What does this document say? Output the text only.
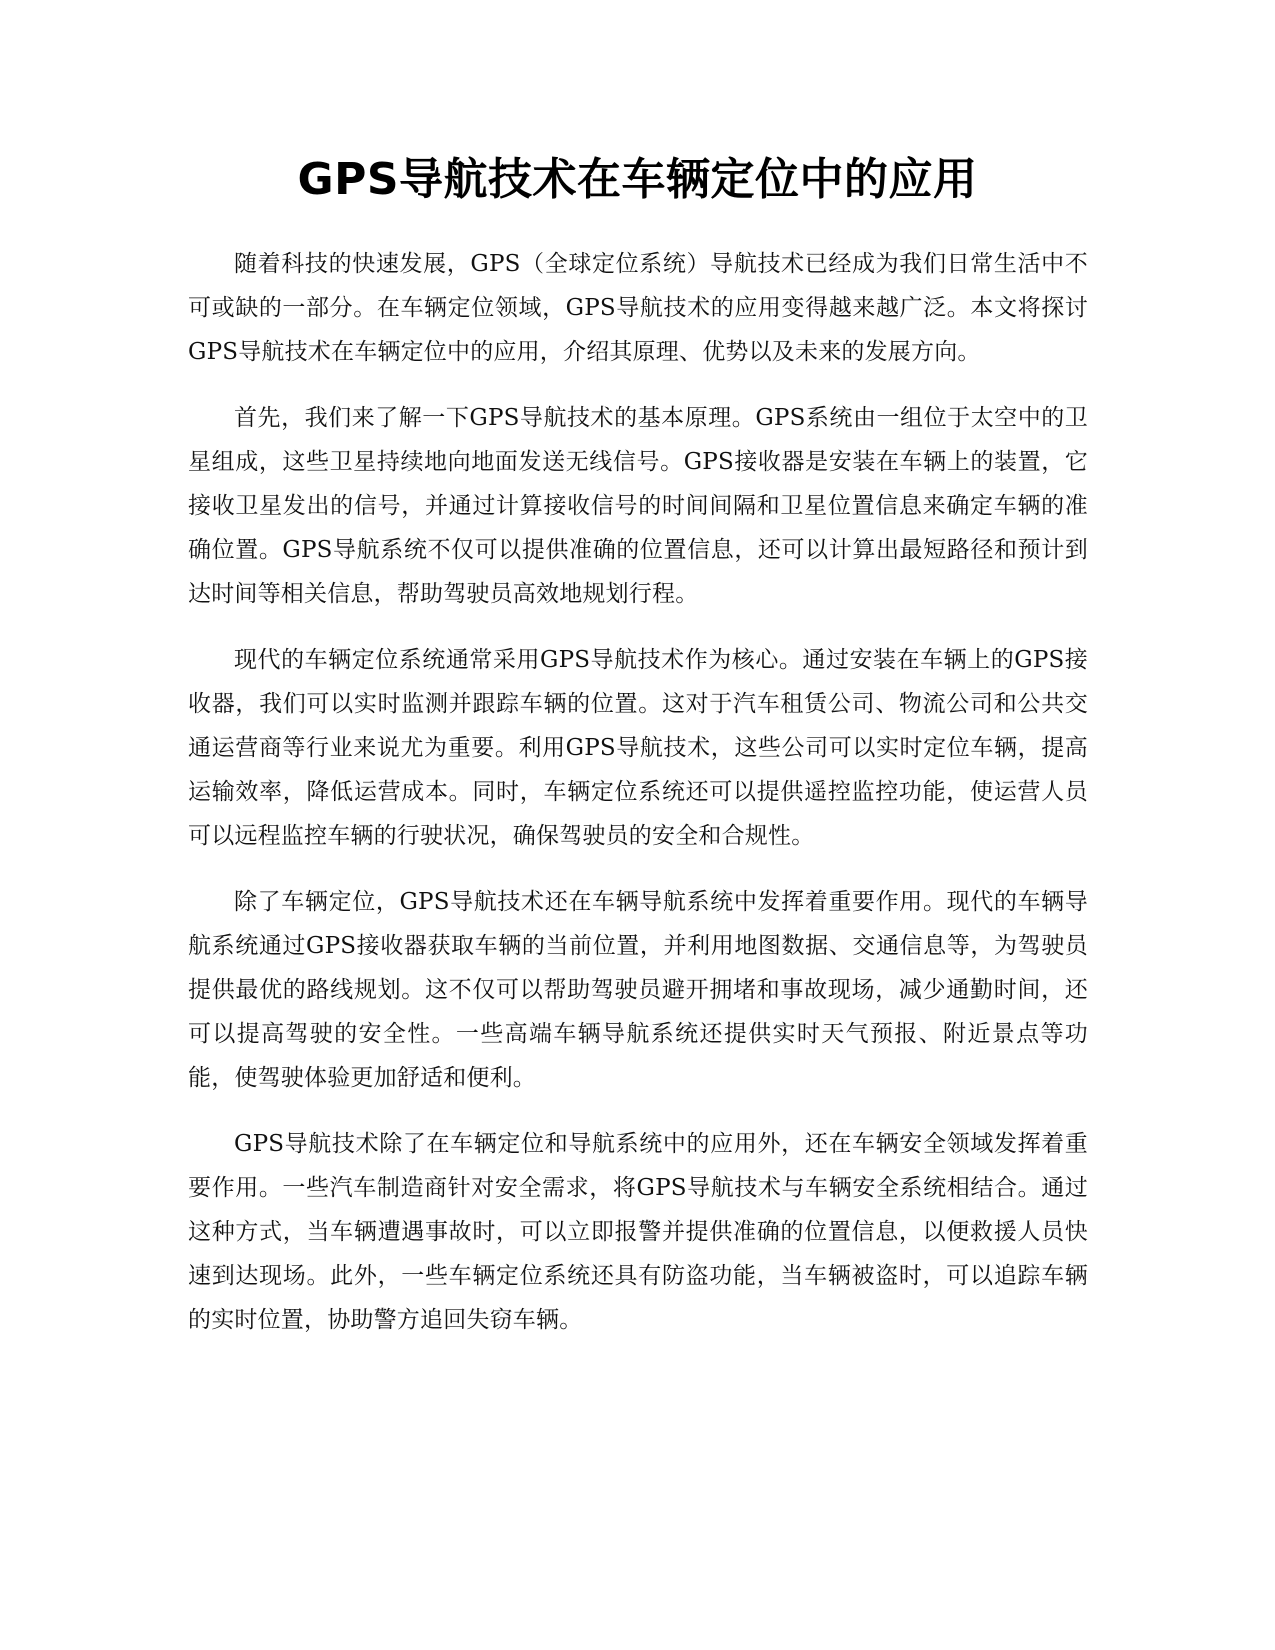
GPS导航技术在车辆定位中的应用

随着科技的快速发展，GPS（全球定位系统）导航技术已经成为我们日常生活中不可或缺的一部分。在车辆定位领域，GPS导航技术的应用变得越来越广泛。本文将探讨GPS导航技术在车辆定位中的应用，介绍其原理、优势以及未来的发展方向。

首先，我们来了解一下GPS导航技术的基本原理。GPS系统由一组位于太空中的卫星组成，这些卫星持续地向地面发送无线信号。GPS接收器是安装在车辆上的装置，它接收卫星发出的信号，并通过计算接收信号的时间间隔和卫星位置信息来确定车辆的准确位置。GPS导航系统不仅可以提供准确的位置信息，还可以计算出最短路径和预计到达时间等相关信息，帮助驾驶员高效地规划行程。

现代的车辆定位系统通常采用GPS导航技术作为核心。通过安装在车辆上的GPS接收器，我们可以实时监测并跟踪车辆的位置。这对于汽车租赁公司、物流公司和公共交通运营商等行业来说尤为重要。利用GPS导航技术，这些公司可以实时定位车辆，提高运输效率，降低运营成本。同时，车辆定位系统还可以提供遥控监控功能，使运营人员可以远程监控车辆的行驶状况，确保驾驶员的安全和合规性。

除了车辆定位，GPS导航技术还在车辆导航系统中发挥着重要作用。现代的车辆导航系统通过GPS接收器获取车辆的当前位置，并利用地图数据、交通信息等，为驾驶员提供最优的路线规划。这不仅可以帮助驾驶员避开拥堵和事故现场，减少通勤时间，还可以提高驾驶的安全性。一些高端车辆导航系统还提供实时天气预报、附近景点等功能，使驾驶体验更加舒适和便利。

GPS导航技术除了在车辆定位和导航系统中的应用外，还在车辆安全领域发挥着重要作用。一些汽车制造商针对安全需求，将GPS导航技术与车辆安全系统相结合。通过这种方式，当车辆遭遇事故时，可以立即报警并提供准确的位置信息，以便救援人员快速到达现场。此外，一些车辆定位系统还具有防盗功能，当车辆被盗时，可以追踪车辆的实时位置，协助警方追回失窃车辆。
